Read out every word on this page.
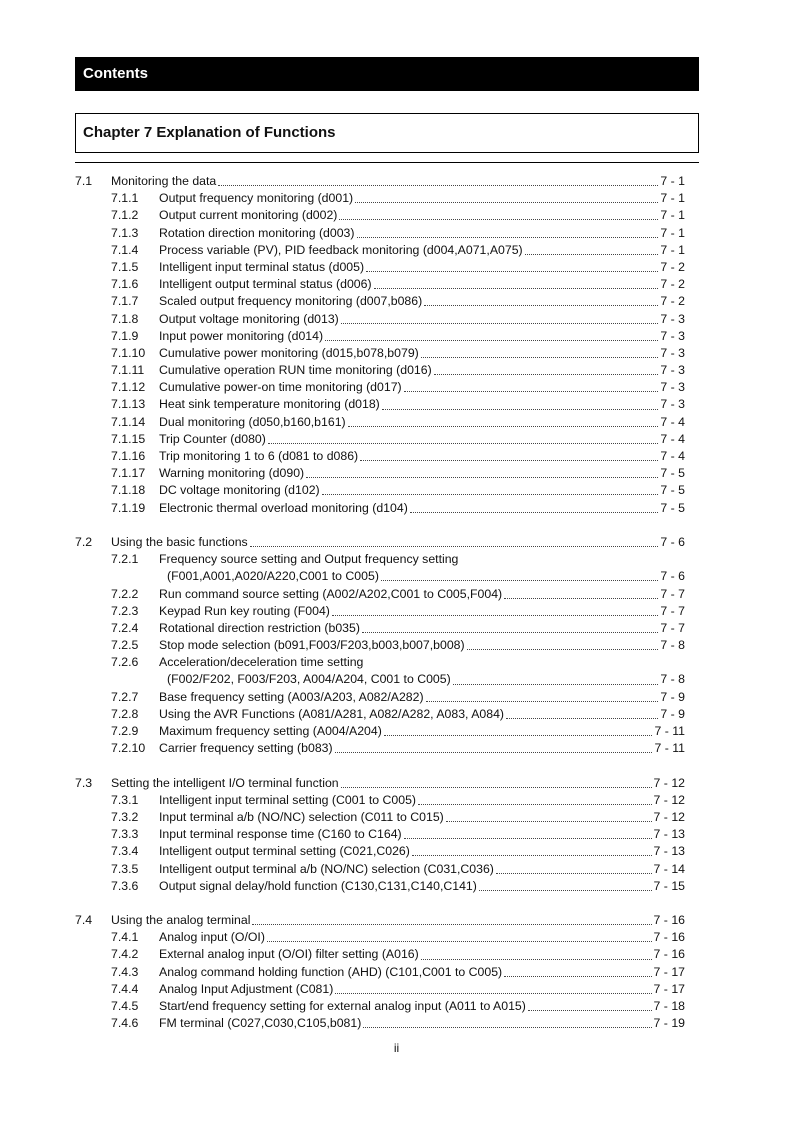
Contents
Chapter 7 Explanation of Functions
7.1	Monitoring the data	7 - 1
7.1.1	Output frequency monitoring (d001)	7 - 1
7.1.2	Output current monitoring (d002)	7 - 1
7.1.3	Rotation direction monitoring (d003)	7 - 1
7.1.4	Process variable (PV), PID feedback monitoring (d004,A071,A075)	7 - 1
7.1.5	Intelligent input terminal status (d005)	7 - 2
7.1.6	Intelligent output terminal status (d006)	7 - 2
7.1.7	Scaled output frequency monitoring (d007,b086)	7 - 2
7.1.8	Output voltage monitoring (d013)	7 - 3
7.1.9	Input power monitoring (d014)	7 - 3
7.1.10	Cumulative power monitoring (d015,b078,b079)	7 - 3
7.1.11	Cumulative operation RUN time monitoring (d016)	7 - 3
7.1.12	Cumulative power-on time monitoring (d017)	7 - 3
7.1.13	Heat sink temperature monitoring (d018)	7 - 3
7.1.14	Dual monitoring (d050,b160,b161)	7 - 4
7.1.15	Trip Counter (d080)	7 - 4
7.1.16	Trip monitoring 1 to 6 (d081 to d086)	7 - 4
7.1.17	Warning monitoring (d090)	7 - 5
7.1.18	DC voltage monitoring (d102)	7 - 5
7.1.19	Electronic thermal overload monitoring (d104)	7 - 5
7.2	Using the basic functions	7 - 6
7.2.1	Frequency source setting and Output frequency setting
(F001,A001,A020/A220,C001 to C005)	7 - 6
7.2.2	Run command source setting (A002/A202,C001 to C005,F004)	7 - 7
7.2.3	Keypad Run key routing (F004)	7 - 7
7.2.4	Rotational direction restriction (b035)	7 - 7
7.2.5	Stop mode selection (b091,F003/F203,b003,b007,b008)	7 - 8
7.2.6	Acceleration/deceleration time setting
(F002/F202, F003/F203, A004/A204, C001 to C005)	7 - 8
7.2.7	Base frequency setting (A003/A203, A082/A282)	7 - 9
7.2.8	Using the AVR Functions (A081/A281, A082/A282, A083, A084)	7 - 9
7.2.9	Maximum frequency setting (A004/A204)	7 - 11
7.2.10	Carrier frequency setting (b083)	7 - 11
7.3	Setting the intelligent I/O terminal function	7 - 12
7.3.1	Intelligent input terminal setting (C001 to C005)	7 - 12
7.3.2	Input terminal a/b (NO/NC) selection (C011 to C015)	7 - 12
7.3.3	Input terminal response time (C160 to C164)	7 - 13
7.3.4	Intelligent output terminal setting (C021,C026)	7 - 13
7.3.5	Intelligent output terminal a/b (NO/NC) selection (C031,C036)	7 - 14
7.3.6	Output signal delay/hold function (C130,C131,C140,C141)	7 - 15
7.4	Using the analog terminal	7 - 16
7.4.1	Analog input (O/OI)	7 - 16
7.4.2	External analog input (O/OI) filter setting (A016)	7 - 16
7.4.3	Analog command holding function (AHD) (C101,C001 to C005)	7 - 17
7.4.4	Analog Input Adjustment (C081)	7 - 17
7.4.5	Start/end frequency setting for external analog input (A011 to A015)	7 - 18
7.4.6	FM terminal (C027,C030,C105,b081)	7 - 19
ii
